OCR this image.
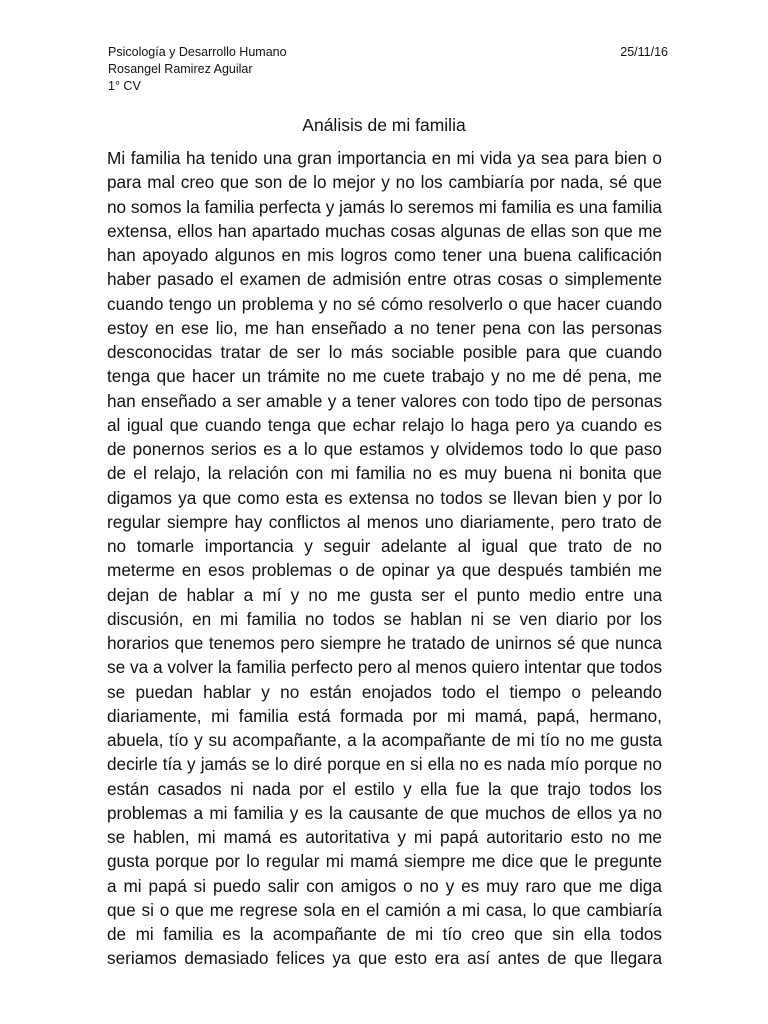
Psicología y Desarrollo Humano
Rosangel Ramirez Aguilar
1° CV
25/11/16
Análisis de mi familia
Mi familia ha tenido una gran importancia en mi vida ya sea para bien o
para mal creo que son de lo mejor y no los cambiaría por nada, sé que
no somos la familia perfecta y jamás lo seremos mi familia es una familia
extensa, ellos han apartado muchas cosas algunas de ellas son que me
han apoyado algunos en mis logros como tener una buena calificación
haber pasado el examen de admisión entre otras cosas o simplemente
cuando tengo un problema y no sé cómo resolverlo o que hacer cuando
estoy en ese lio, me han enseñado a no tener pena con las personas
desconocidas tratar de ser lo más sociable posible para que cuando
tenga que hacer un trámite no me cuete trabajo y no me dé pena, me
han enseñado a ser amable y a tener valores con todo tipo de personas
al igual que cuando tenga que echar relajo lo haga pero ya cuando es
de ponernos serios es a lo que estamos y olvidemos todo lo que paso
de el relajo, la relación con mi familia no es muy buena ni bonita que
digamos ya que como esta es extensa no todos se llevan bien y por lo
regular siempre hay conflictos al menos uno diariamente, pero trato de
no tomarle importancia y seguir adelante al igual que trato de no
meterme en esos problemas o de opinar ya que después también me
dejan de hablar a mí y no me gusta ser el punto medio entre una
discusión, en mi familia no todos se hablan ni se ven diario por los
horarios que tenemos pero siempre he tratado de unirnos sé que nunca
se va a volver la familia perfecto pero al menos quiero intentar que todos
se puedan hablar y no están enojados todo el tiempo o peleando
diariamente, mi familia está formada por mi mamá, papá, hermano,
abuela, tío y su acompañante, a la acompañante de mi tío no me gusta
decirle tía y jamás se lo diré porque en si ella no es nada mío porque no
están casados ni nada por el estilo y ella fue la que trajo todos los
problemas a mi familia y es la causante de que muchos de ellos ya no
se hablen, mi mamá es autoritativa y mi papá autoritario esto no me
gusta porque por lo regular mi mamá siempre me dice que le pregunte
a mi papá si puedo salir con amigos o no y es muy raro que me diga
que si o que me regrese sola en el camión a mi casa, lo que cambiaría
de mi familia es la acompañante de mi tío creo que sin ella todos
seriamos demasiado felices ya que esto era así antes de que llegara
